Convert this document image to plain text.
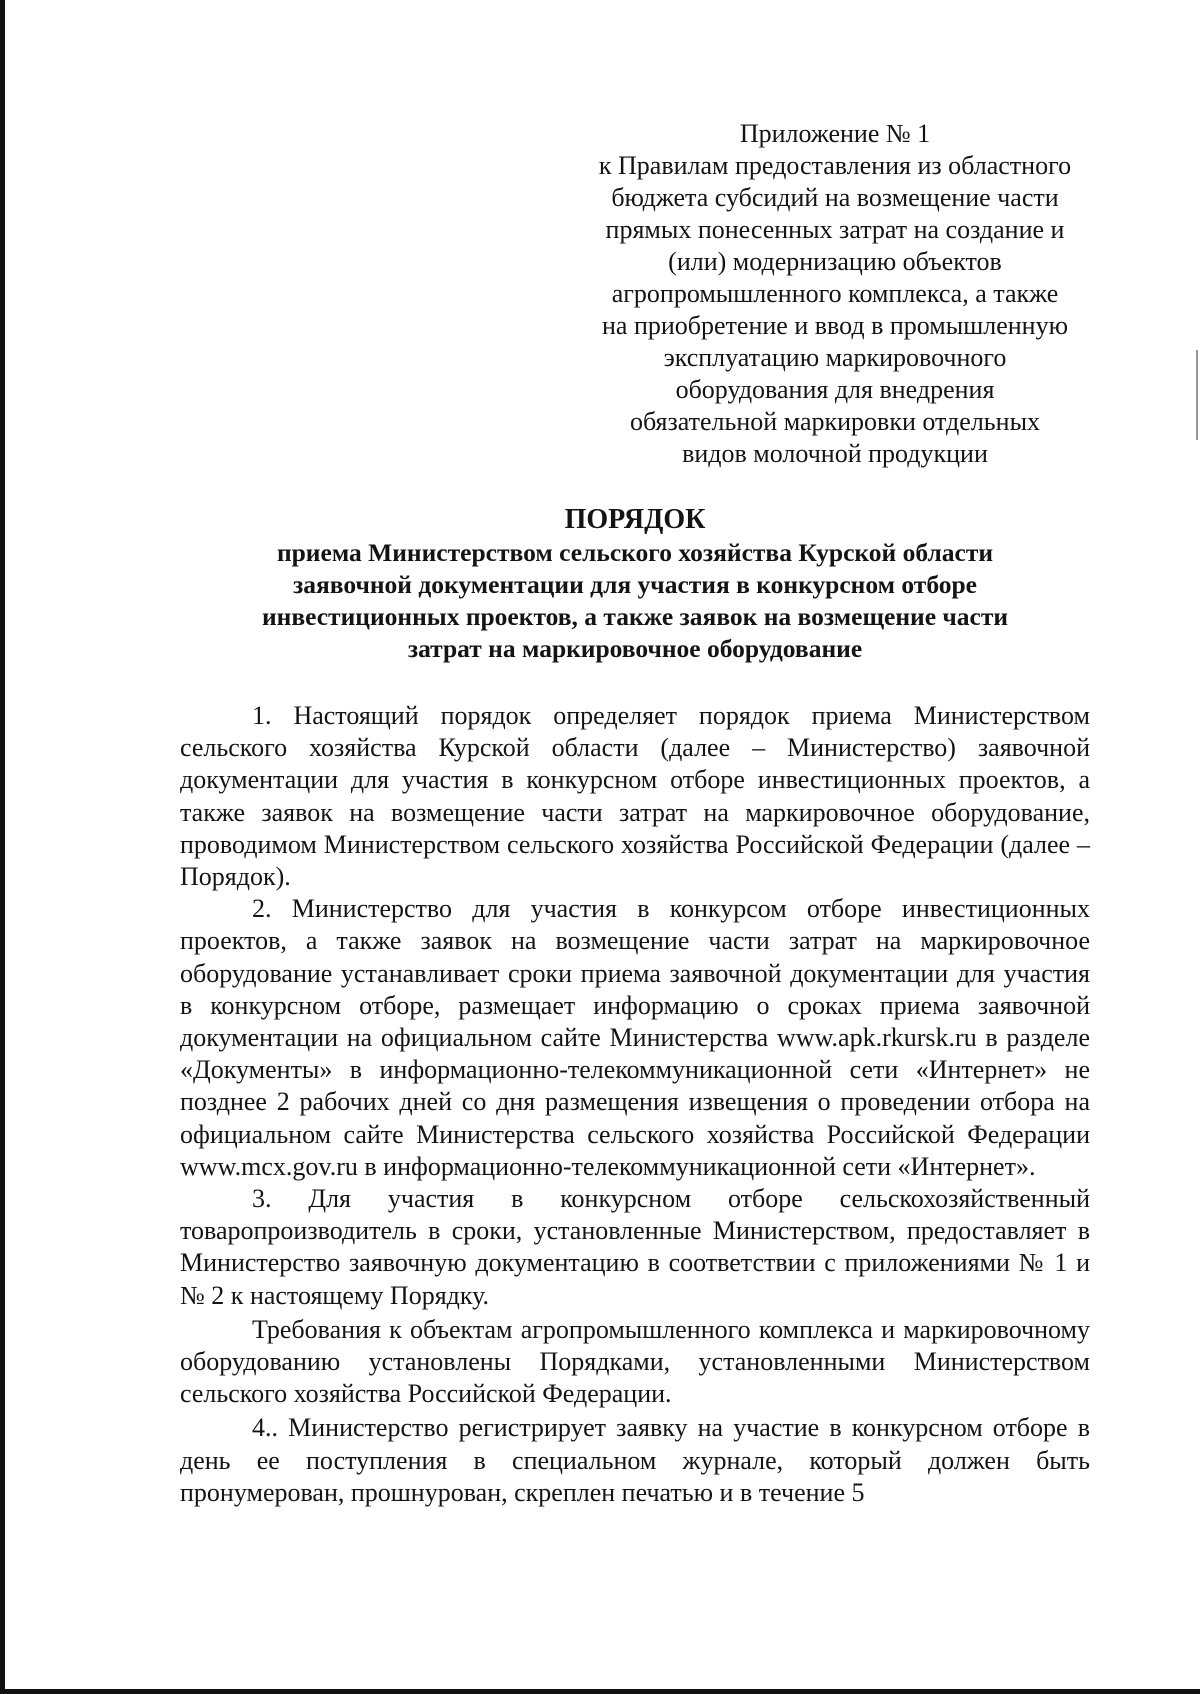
Приложение № 1
к Правилам предоставления из областного
бюджета субсидий на возмещение части
прямых понесенных затрат на создание и
(или) модернизацию объектов
агропромышленного комплекса, а также
на приобретение и ввод в промышленную
эксплуатацию маркировочного
оборудования для внедрения
обязательной маркировки отдельных
видов молочной продукции
ПОРЯДОК
приема Министерством сельского хозяйства Курской области
заявочной документации для участия в конкурсном отборе
инвестиционных проектов, а также заявок на возмещение части
затрат на маркировочное оборудование

1. Настоящий порядок определяет порядок приема Министерством сельского хозяйства Курской области (далее – Министерство) заявочной документации для участия в конкурсном отборе инвестиционных проектов, а также заявок на возмещение части затрат на маркировочное оборудование, проводимом Министерством сельского хозяйства Российской Федерации (далее – Порядок).

2. Министерство для участия в конкурсом отборе инвестиционных проектов, а также заявок на возмещение части затрат на маркировочное оборудование устанавливает сроки приема заявочной документации для участия в конкурсном отборе, размещает информацию о сроках приема заявочной документации на официальном сайте Министерства www.apk.rkursk.ru в разделе «Документы» в информационно-телекоммуникационной сети «Интернет» не позднее 2 рабочих дней со дня размещения извещения о проведении отбора на официальном сайте Министерства сельского хозяйства Российской Федерации www.mcx.gov.ru в информационно-телекоммуникационной сети «Интернет».

3. Для участия в конкурсном отборе сельскохозяйственный товаропроизводитель в сроки, установленные Министерством, предоставляет в Министерство заявочную документацию в соответствии с приложениями № 1 и № 2 к настоящему Порядку.

Требования к объектам агропромышленного комплекса и маркировочному оборудованию установлены Порядками, установленными Министерством сельского хозяйства Российской Федерации.

4.. Министерство регистрирует заявку на участие в конкурсном отборе в день ее поступления в специальном журнале, который должен быть пронумерован, прошнурован, скреплен печатью и в течение 5
